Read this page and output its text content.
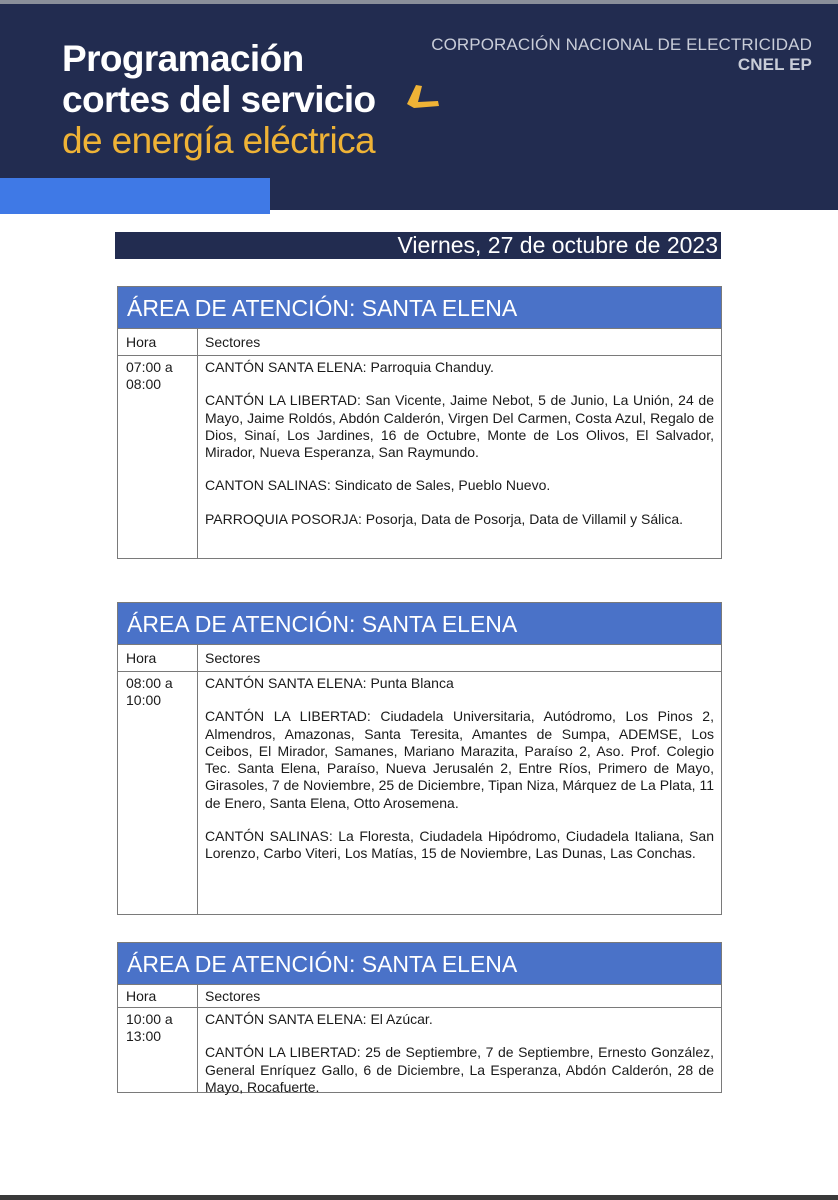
Programación
cortes del servicio
de energía eléctrica
CORPORACIÓN NACIONAL DE ELECTRICIDAD
CNEL EP
Viernes, 27 de octubre de 2023
ÁREA DE ATENCIÓN: SANTA ELENA
Hora	Sectores
07:00 a 08:00
CANTÓN SANTA ELENA: Parroquia Chanduy.
CANTÓN LA LIBERTAD: San Vicente, Jaime Nebot, 5 de Junio, La Unión, 24 de Mayo, Jaime Roldós, Abdón Calderón, Virgen Del Carmen, Costa Azul, Regalo de Dios, Sinaí, Los Jardines, 16 de Octubre, Monte de Los Olivos, El Salvador, Mirador, Nueva Esperanza, San Raymundo.
CANTON SALINAS: Sindicato de Sales, Pueblo Nuevo.
PARROQUIA POSORJA: Posorja, Data de Posorja, Data de Villamil y Sálica.
ÁREA DE ATENCIÓN: SANTA ELENA
Hora	Sectores
08:00 a 10:00
CANTÓN SANTA ELENA: Punta Blanca
CANTÓN LA LIBERTAD: Ciudadela Universitaria, Autódromo, Los Pinos 2, Almendros, Amazonas, Santa Teresita, Amantes de Sumpa, ADEMSE, Los Ceibos, El Mirador, Samanes, Mariano Marazita, Paraíso 2, Aso. Prof. Colegio Tec. Santa Elena, Paraíso, Nueva Jerusalén 2, Entre Ríos, Primero de Mayo, Girasoles, 7 de Noviembre, 25 de Diciembre, Tipan Niza, Márquez de La Plata, 11 de Enero, Santa Elena, Otto Arosemena.
CANTÓN SALINAS: La Floresta, Ciudadela Hipódromo, Ciudadela Italiana, San Lorenzo, Carbo Viteri, Los Matías, 15 de Noviembre, Las Dunas, Las Conchas.
ÁREA DE ATENCIÓN: SANTA ELENA
Hora	Sectores
10:00 a 13:00
CANTÓN SANTA ELENA: El Azúcar.
CANTÓN LA LIBERTAD: 25 de Septiembre, 7 de Septiembre, Ernesto González, General Enríquez Gallo, 6 de Diciembre, La Esperanza, Abdón Calderón, 28 de Mayo, Rocafuerte.
